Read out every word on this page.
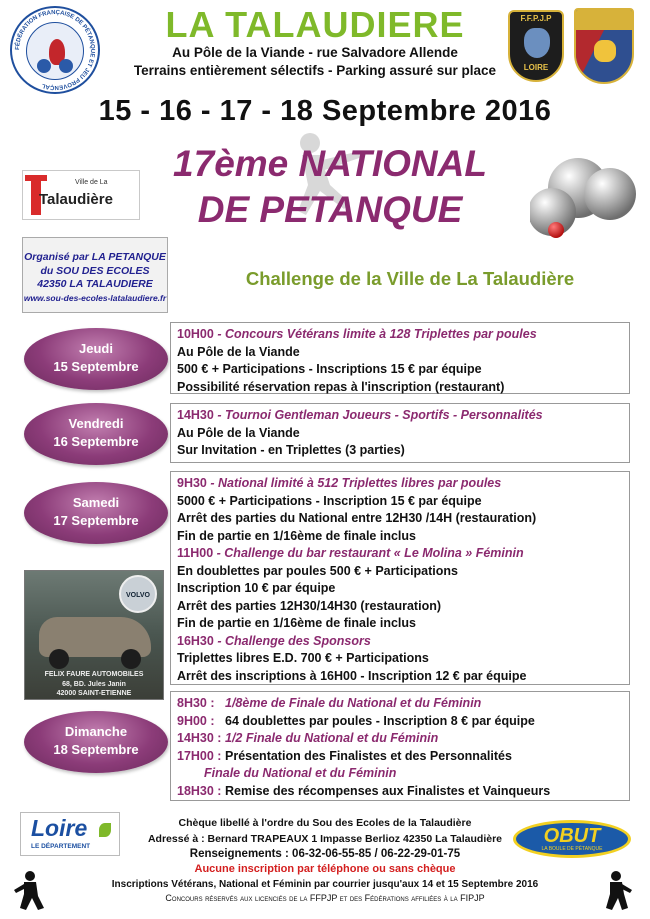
FÉDÉRATION FRANÇAISE DE PÉTANQUE ET JEU PROVENÇAL
LA TALAUDIERE
Au Pôle de la Viande - rue Salvadore Allende
Terrains entièrement sélectifs - Parking assuré sur place
F.F.P.J.P
LOIRE
15 - 16 - 17 - 18 Septembre 2016
17ème NATIONAL
DE PETANQUE
Ville de La
Talaudière
Organisé par LA PETANQUE
du SOU DES ECOLES
42350 LA TALAUDIERE
www.sou-des-ecoles-latalaudiere.fr
Challenge de la Ville de La Talaudière
Jeudi
15 Septembre
Vendredi
16 Septembre
Samedi
17 Septembre
Dimanche
18 Septembre
10H00 - Concours Vétérans limite à 128 Triplettes par poules
Au Pôle de la Viande
500 € + Participations - Inscriptions 15 € par équipe
Possibilité réservation repas à l'inscription (restaurant)
14H30 - Tournoi Gentleman Joueurs - Sportifs - Personnalités
Au Pôle de la Viande
Sur Invitation - en Triplettes (3 parties)
9H30 - National limité à 512 Triplettes libres par poules
5000 € + Participations - Inscription 15 € par équipe
Arrêt des parties du National entre 12H30 /14H (restauration)
Fin de partie en 1/16ème de finale inclus
11H00 - Challenge du bar restaurant « Le Molina » Féminin
En doublettes par poules 500 € + Participations
Inscription 10 € par équipe
Arrêt des parties 12H30/14H30 (restauration)
Fin de partie en 1/16ème de finale inclus
16H30 - Challenge des Sponsors
Triplettes libres E.D. 700 € + Participations
Arrêt des inscriptions à 16H00 - Inscription 12 € par équipe
8H30 : 1/8ème de Finale du National et du Féminin
9H00 : 64 doublettes par poules - Inscription 8 € par équipe
14H30 : 1/2 Finale du National et du Féminin
17H00 : Présentation des Finalistes et des Personnalités
Finale du National et du Féminin
18H30 : Remise des récompenses aux Finalistes et Vainqueurs
VOLVO
FELIX FAURE AUTOMOBILES
68, BD. Jules Janin
42000 SAINT-ETIENNE
Loire
LE DÉPARTEMENT	OBUT
LA BOULE DE PÉTANQUE
Chèque libellé à l'ordre du Sou des Ecoles de la Talaudière
Adressé à : Bernard TRAPEAUX 1 Impasse Berlioz 42350 La Talaudière
Renseignements : 06-32-06-55-85 / 06-22-29-01-75
Aucune inscription par téléphone ou sans chèque
Inscriptions Vétérans, National et Féminin par courrier jusqu'aux 14 et 15 Septembre 2016
Concours réservés aux licenciés de la FFPJP et des Fédérations affiliées à la FIPJP
